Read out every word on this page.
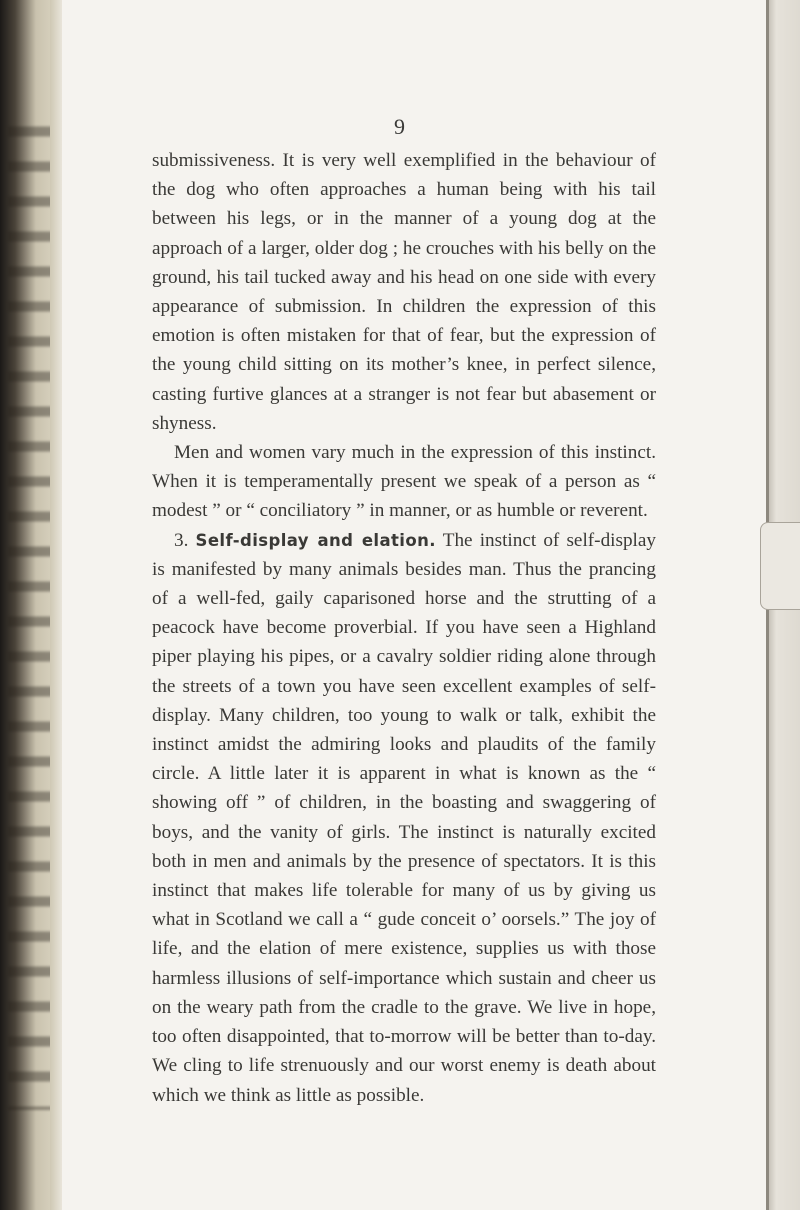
9

submissiveness. It is very well exemplified in the behaviour of the dog who often approaches a human being with his tail between his legs, or in the manner of a young dog at the approach of a larger, older dog ; he crouches with his belly on the ground, his tail tucked away and his head on one side with every appearance of submission. In children the expression of this emotion is often mistaken for that of fear, but the expression of the young child sitting on its mother’s knee, in perfect silence, casting furtive glances at a stranger is not fear but abasement or shyness.

Men and women vary much in the expression of this instinct. When it is temperamentally present we speak of a person as “ modest ” or “ conciliatory ” in manner, or as humble or reverent.

3. Self-display and elation. The instinct of self-display is manifested by many animals besides man. Thus the prancing of a well-fed, gaily caparisoned horse and the strutting of a peacock have become proverbial. If you have seen a Highland piper playing his pipes, or a cavalry soldier riding alone through the streets of a town you have seen excellent examples of self-display. Many children, too young to walk or talk, exhibit the instinct amidst the admiring looks and plaudits of the family circle. A little later it is apparent in what is known as the “ showing off ” of children, in the boasting and swaggering of boys, and the vanity of girls. The instinct is naturally excited both in men and animals by the presence of spectators. It is this instinct that makes life tolerable for many of us by giving us what in Scotland we call a “ gude conceit o’ oorsels.” The joy of life, and the elation of mere existence, supplies us with those harmless illusions of self-importance which sustain and cheer us on the weary path from the cradle to the grave. We live in hope, too often disappointed, that to-morrow will be better than to-day. We cling to life strenuously and our worst enemy is death about which we think as little as possible.
